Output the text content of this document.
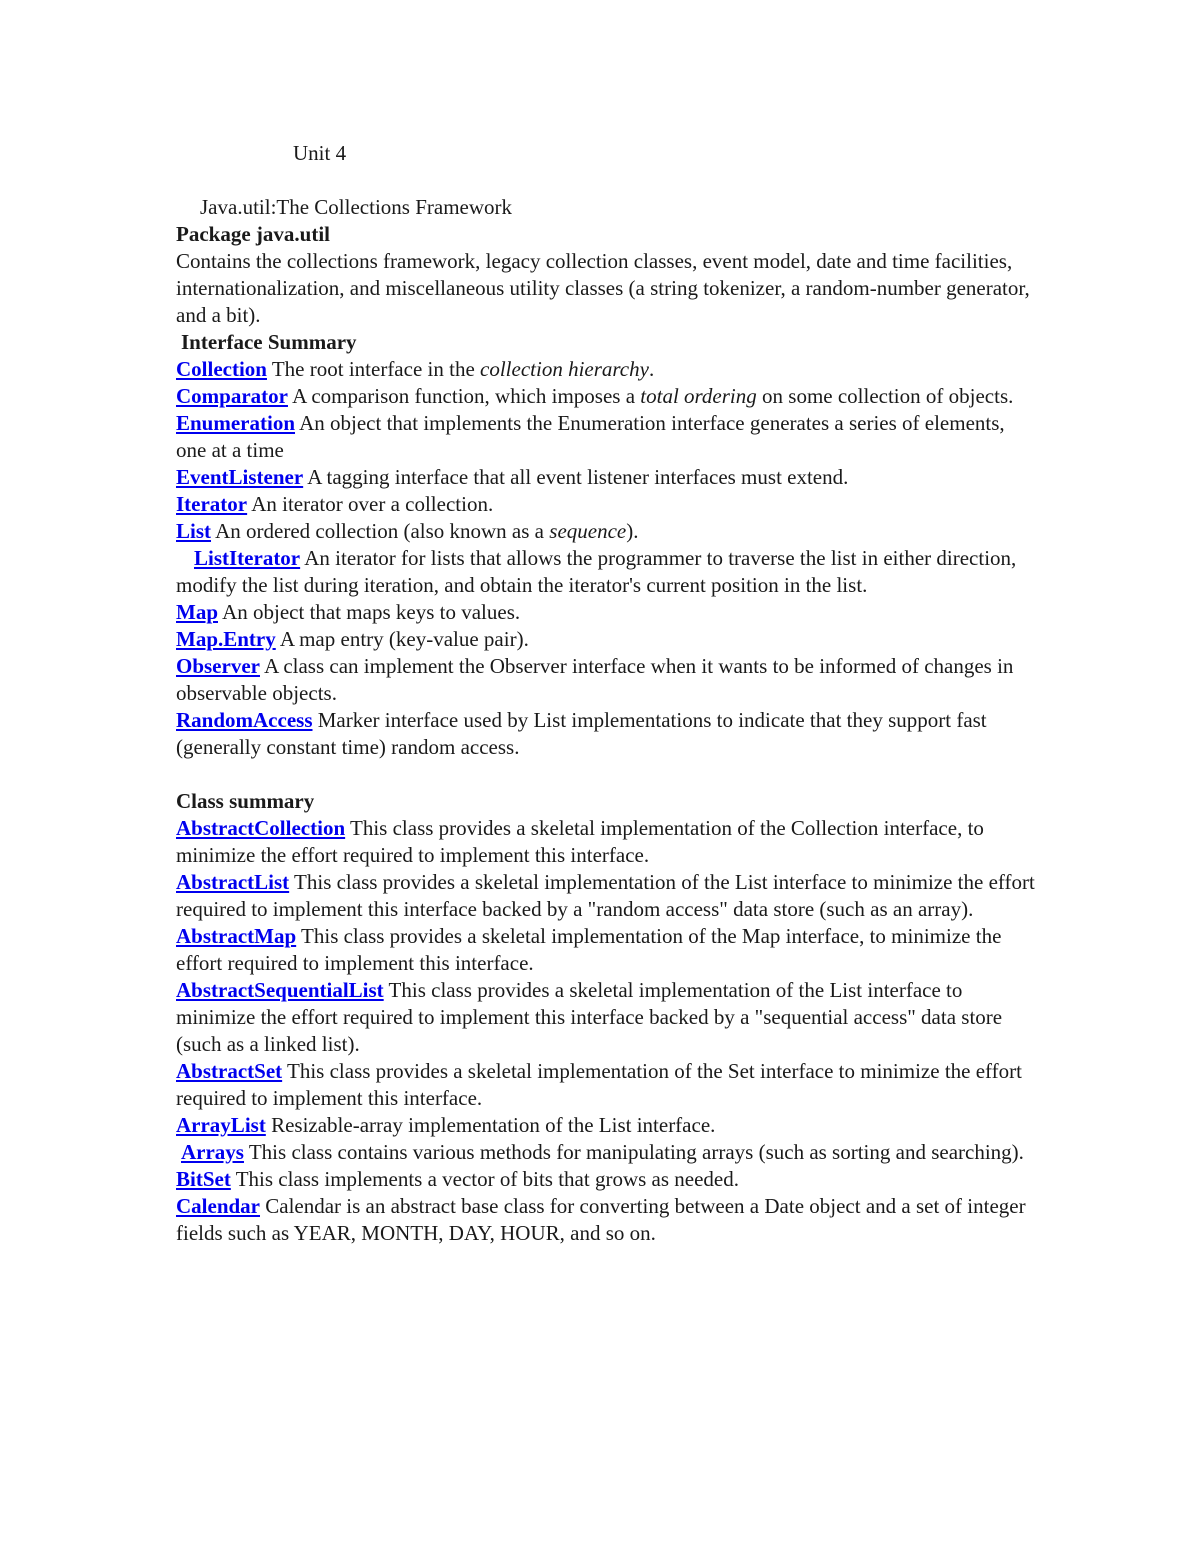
Unit 4

Java.util:The Collections Framework

Package java.util

Contains the collections framework, legacy collection classes, event model, date and time facilities, internationalization, and miscellaneous utility classes (a string tokenizer, a random-number generator, and a bit).

Interface Summary

Collection The root interface in the collection hierarchy.

Comparator A comparison function, which imposes a total ordering on some collection of objects.

Enumeration An object that implements the Enumeration interface generates a series of elements, one at a time

EventListener A tagging interface that all event listener interfaces must extend.

Iterator An iterator over a collection.

List An ordered collection (also known as a sequence).

ListIterator An iterator for lists that allows the programmer to traverse the list in either direction, modify the list during iteration, and obtain the iterator's current position in the list.

Map An object that maps keys to values.

Map.Entry A map entry (key-value pair).

Observer A class can implement the Observer interface when it wants to be informed of changes in observable objects.

RandomAccess Marker interface used by List implementations to indicate that they support fast (generally constant time) random access.

Class summary

AbstractCollection This class provides a skeletal implementation of the Collection interface, to minimize the effort required to implement this interface.

AbstractList This class provides a skeletal implementation of the List interface to minimize the effort required to implement this interface backed by a "random access" data store (such as an array).

AbstractMap This class provides a skeletal implementation of the Map interface, to minimize the effort required to implement this interface.

AbstractSequentialList This class provides a skeletal implementation of the List interface to minimize the effort required to implement this interface backed by a "sequential access" data store (such as a linked list).

AbstractSet This class provides a skeletal implementation of the Set interface to minimize the effort required to implement this interface.

ArrayList Resizable-array implementation of the List interface.

Arrays This class contains various methods for manipulating arrays (such as sorting and searching).

BitSet This class implements a vector of bits that grows as needed.

Calendar Calendar is an abstract base class for converting between a Date object and a set of integer fields such as YEAR, MONTH, DAY, HOUR, and so on.
